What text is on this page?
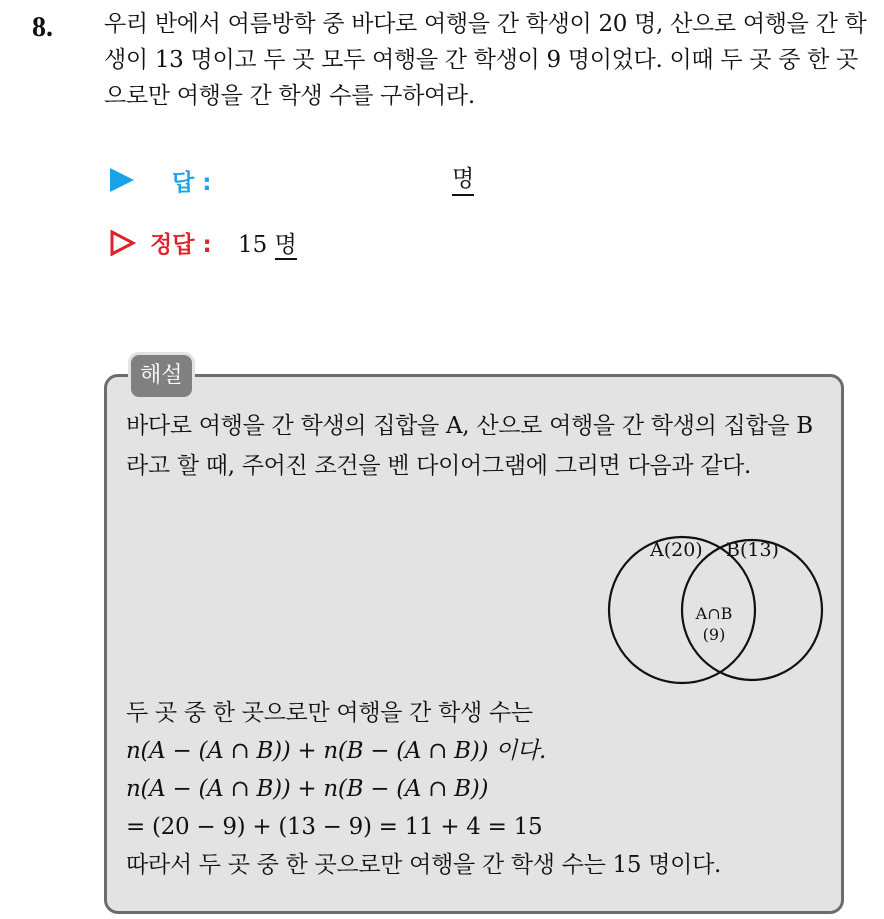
8. 우리 반에서 여름방학 중 바다로 여행을 간 학생이 20 명, 산으로 여행을 간 학생이 13 명이고 두 곳 모두 여행을 간 학생이 9 명이었다. 이때 두 곳 중 한 곳으로만 여행을 간 학생 수를 구하여라.
답 :	명
정답 : 15 명
해설
바다로 여행을 간 학생의 집합을 A, 산으로 여행을 간 학생의 집합을 B 라고 할 때, 주어진 조건을 벤 다이어그램에 그리면 다음과 같다.
A(20) B(13)
A∩B
(9)
두 곳 중 한 곳으로만 여행을 간 학생 수는
n(A − (A ∩ B)) + n(B − (A ∩ B)) 이다.
n(A − (A ∩ B)) + n(B − (A ∩ B))
= (20 − 9) + (13 − 9) = 11 + 4 = 15
따라서 두 곳 중 한 곳으로만 여행을 간 학생 수는 15 명이다.
